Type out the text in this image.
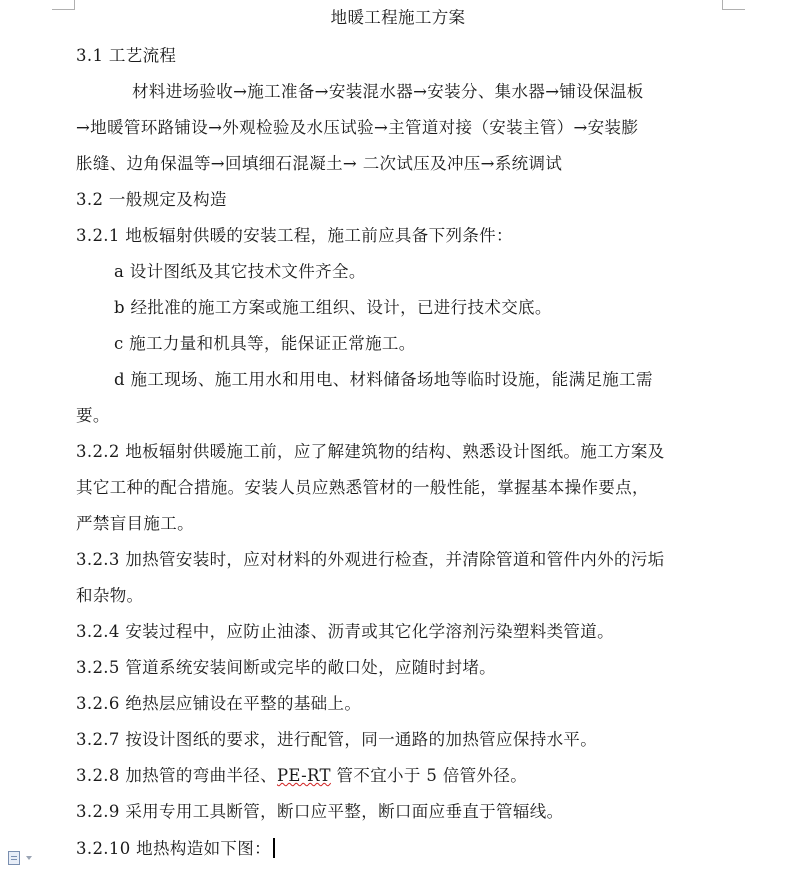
地暖工程施工方案
3.1 工艺流程
材料进场验收→施工准备→安装混水器→安装分、集水器→铺设保温板
→地暖管环路铺设→外观检验及水压试验→主管道对接（安装主管）→安装膨
胀缝、边角保温等→回填细石混凝土→ 二次试压及冲压→系统调试
3.2 一般规定及构造
3.2.1 地板辐射供暖的安装工程，施工前应具备下列条件：
a 设计图纸及其它技术文件齐全。
b 经批准的施工方案或施工组织、设计，已进行技术交底。
c 施工力量和机具等，能保证正常施工。
d 施工现场、施工用水和用电、材料储备场地等临时设施，能满足施工需
要。
3.2.2 地板辐射供暖施工前，应了解建筑物的结构、熟悉设计图纸。施工方案及
其它工种的配合措施。安装人员应熟悉管材的一般性能，掌握基本操作要点，
严禁盲目施工。
3.2.3 加热管安装时，应对材料的外观进行检查，并清除管道和管件内外的污垢
和杂物。
3.2.4 安装过程中，应防止油漆、沥青或其它化学溶剂污染塑料类管道。
3.2.5 管道系统安装间断或完毕的敞口处，应随时封堵。
3.2.6 绝热层应铺设在平整的基础上。
3.2.7 按设计图纸的要求，进行配管，同一通路的加热管应保持水平。
3.2.8 加热管的弯曲半径、PE-RT 管不宜小于 5 倍管外径。
3.2.9 采用专用工具断管，断口应平整，断口面应垂直于管辐线。
3.2.10 地热构造如下图：
